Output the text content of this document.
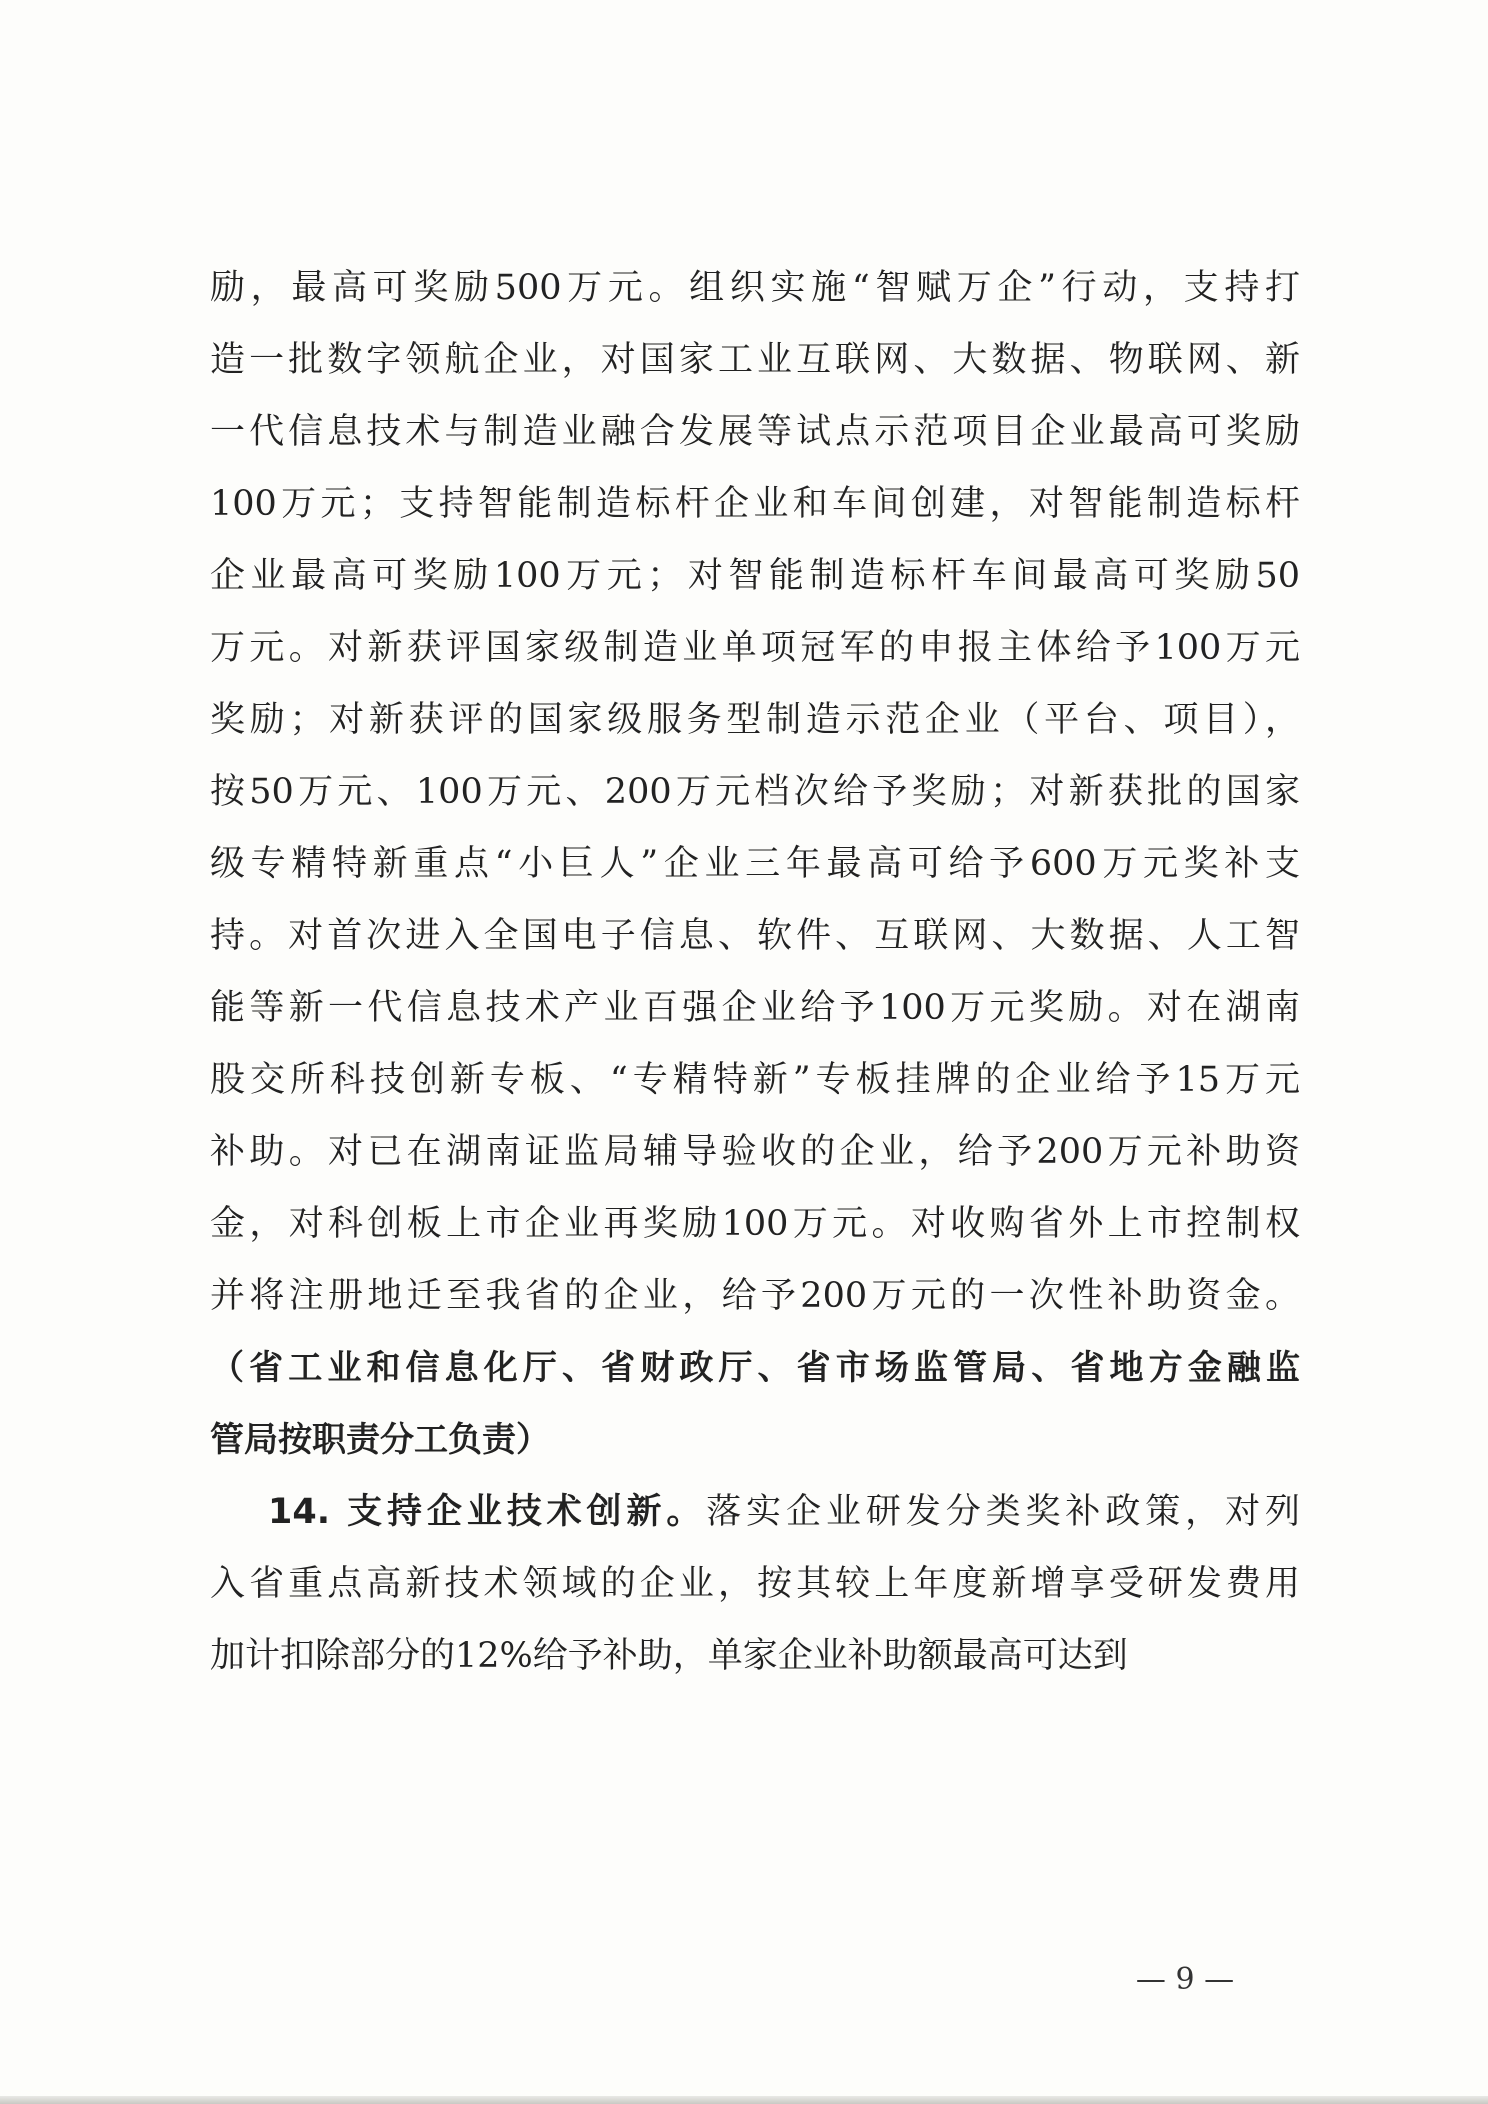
励，最高可奖励500万元。组织实施“智赋万企”行动，支持打
造一批数字领航企业，对国家工业互联网、大数据、物联网、新
一代信息技术与制造业融合发展等试点示范项目企业最高可奖励
100万元；支持智能制造标杆企业和车间创建，对智能制造标杆
企业最高可奖励100万元；对智能制造标杆车间最高可奖励50
万元。对新获评国家级制造业单项冠军的申报主体给予100万元
奖励；对新获评的国家级服务型制造示范企业（平台、项目），
按50万元、100万元、200万元档次给予奖励；对新获批的国家
级专精特新重点“小巨人”企业三年最高可给予600万元奖补支
持。对首次进入全国电子信息、软件、互联网、大数据、人工智
能等新一代信息技术产业百强企业给予100万元奖励。对在湖南
股交所科技创新专板、“专精特新”专板挂牌的企业给予15万元
补助。对已在湖南证监局辅导验收的企业，给予200万元补助资
金，对科创板上市企业再奖励100万元。对收购省外上市控制权
并将注册地迁至我省的企业，给予200万元的一次性补助资金。
（省工业和信息化厅、省财政厅、省市场监管局、省地方金融监
管局按职责分工负责）
14. 支持企业技术创新。落实企业研发分类奖补政策，对列
入省重点高新技术领域的企业，按其较上年度新增享受研发费用
加计扣除部分的12%给予补助，单家企业补助额最高可达到
— 9 —
